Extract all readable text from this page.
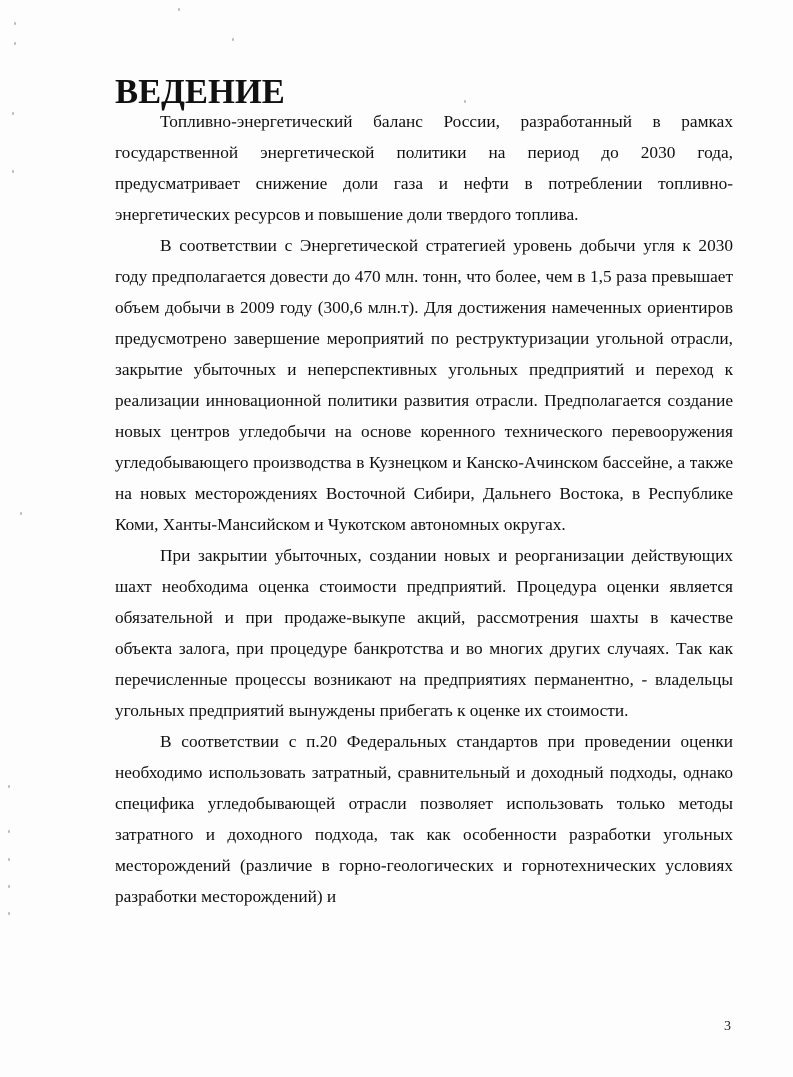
ВЕДЕНИЕ

Топливно-энергетический баланс России, разработанный в рамках государственной энергетической политики на период до 2030 года, предусматривает снижение доли газа и нефти в потреблении топливно-энергетических ресурсов и повышение доли твердого топлива.

В соответствии с Энергетической стратегией уровень добычи угля к 2030 году предполагается довести до 470 млн. тонн, что более, чем в 1,5 раза превышает объем добычи в 2009 году (300,6 млн.т). Для достижения намеченных ориентиров предусмотрено завершение мероприятий по реструктуризации угольной отрасли, закрытие убыточных и неперспективных угольных предприятий и переход к реализации инновационной политики развития отрасли. Предполагается создание новых центров угледобычи на основе коренного технического перевооружения угледобывающего производства в Кузнецком и Канско-Ачинском бассейне, а также на новых месторождениях Восточной Сибири, Дальнего Востока, в Республике Коми, Ханты-Мансийском и Чукотском автономных округах.

При закрытии убыточных, создании новых и реорганизации действующих шахт необходима оценка стоимости предприятий. Процедура оценки является обязательной и при продаже-выкупе акций, рассмотрения шахты в качестве объекта залога, при процедуре банкротства и во многих других случаях. Так как перечисленные процессы возникают на предприятиях перманентно, - владельцы угольных предприятий вынуждены прибегать к оценке их стоимости.

В соответствии с п.20 Федеральных стандартов при проведении оценки необходимо использовать затратный, сравнительный и доходный подходы, однако специфика угледобывающей отрасли позволяет использовать только методы затратного и доходного подхода, так как особенности разработки угольных месторождений (различие в горно-геологических и горнотехнических условиях разработки месторождений) и

3
